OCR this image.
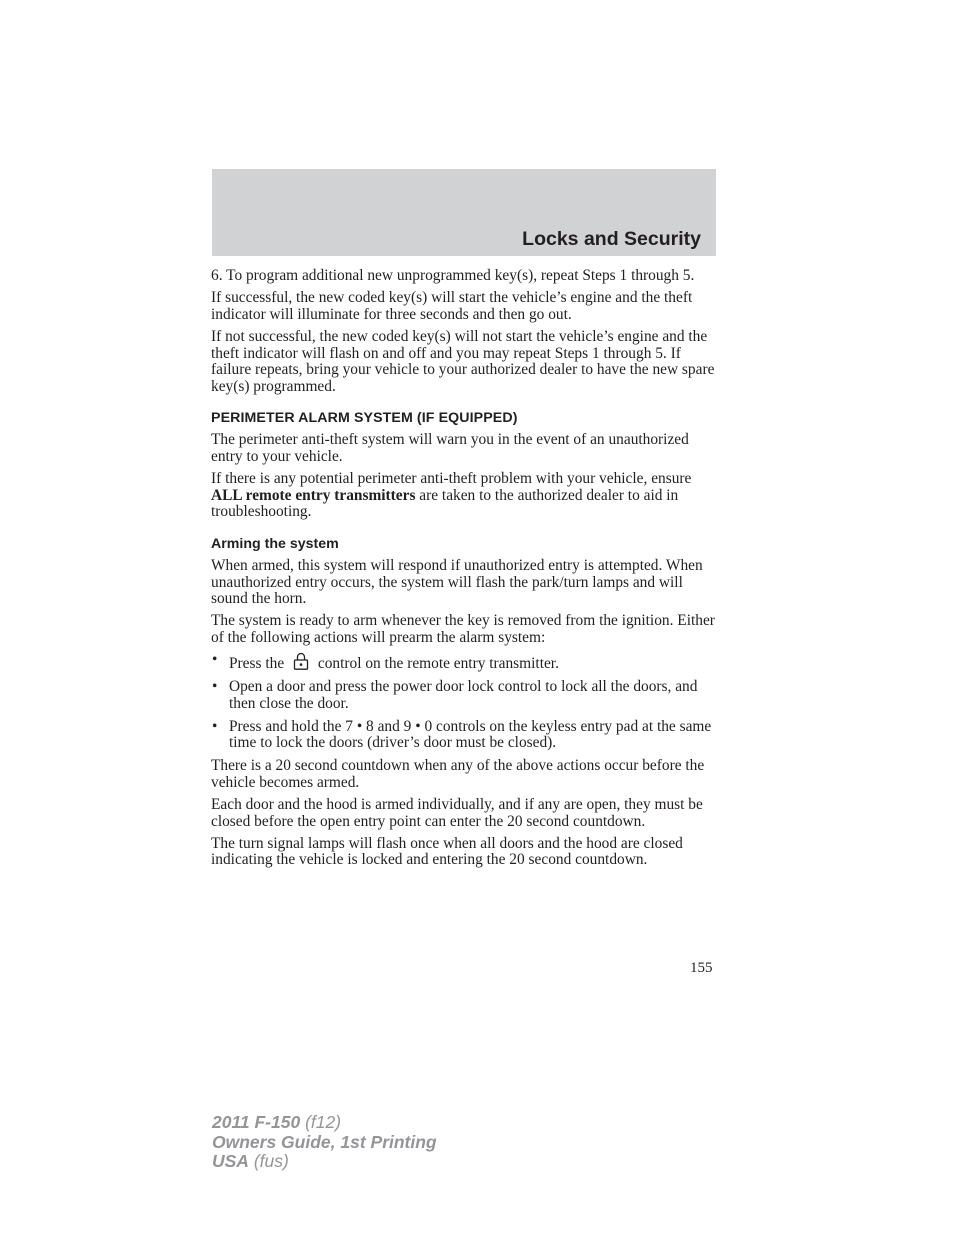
Locks and Security

6. To program additional new unprogrammed key(s), repeat Steps 1 through 5.

If successful, the new coded key(s) will start the vehicle’s engine and the theft indicator will illuminate for three seconds and then go out.

If not successful, the new coded key(s) will not start the vehicle’s engine and the theft indicator will flash on and off and you may repeat Steps 1 through 5. If failure repeats, bring your vehicle to your authorized dealer to have the new spare key(s) programmed.

PERIMETER ALARM SYSTEM (IF EQUIPPED)

The perimeter anti-theft system will warn you in the event of an unauthorized entry to your vehicle.

If there is any potential perimeter anti-theft problem with your vehicle, ensure ALL remote entry transmitters are taken to the authorized dealer to aid in troubleshooting.

Arming the system

When armed, this system will respond if unauthorized entry is attempted. When unauthorized entry occurs, the system will flash the park/turn lamps and will sound the horn.

The system is ready to arm whenever the key is removed from the ignition. Either of the following actions will prearm the alarm system:

• Press the control on the remote entry transmitter.
• Open a door and press the power door lock control to lock all the doors, and then close the door.
• Press and hold the 7 • 8 and 9 • 0 controls on the keyless entry pad at the same time to lock the doors (driver’s door must be closed).

There is a 20 second countdown when any of the above actions occur before the vehicle becomes armed.

Each door and the hood is armed individually, and if any are open, they must be closed before the open entry point can enter the 20 second countdown.

The turn signal lamps will flash once when all doors and the hood are closed indicating the vehicle is locked and entering the 20 second countdown.

155
2011 F-150 (f12)
Owners Guide, 1st Printing
USA (fus)
